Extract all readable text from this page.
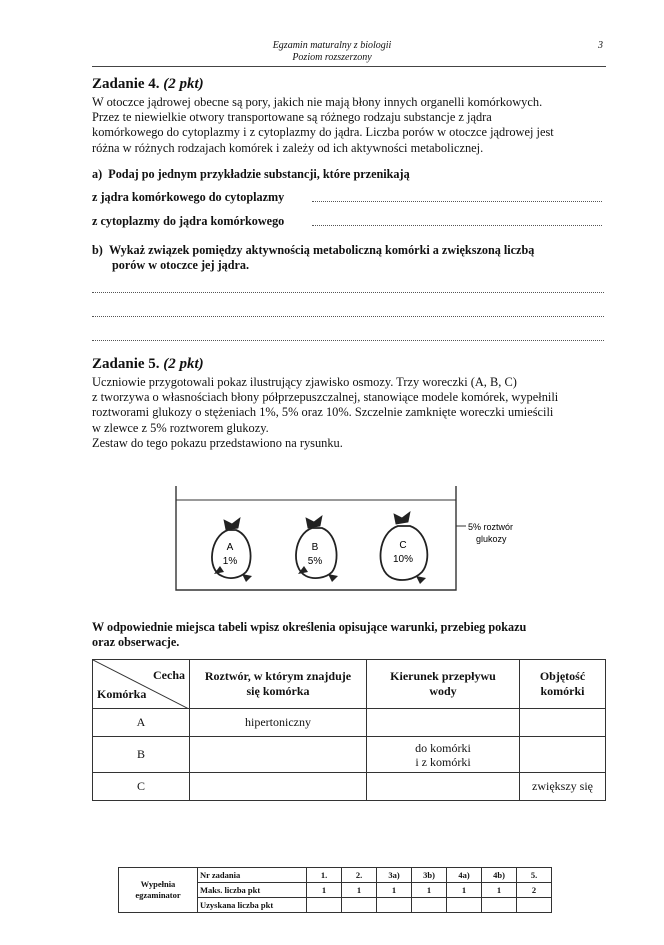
Egzamin maturalny z biologii
Poziom rozszerzony
3
Zadanie 4. (2 pkt)
W otoczce jądrowej obecne są pory, jakich nie mają błony innych organelli komórkowych.
Przez te niewielkie otwory transportowane są różnego rodzaju substancje z jądra
komórkowego do cytoplazmy i z cytoplazmy do jądra. Liczba porów w otoczce jądrowej jest
różna w różnych rodzajach komórek i zależy od ich aktywności metabolicznej.
a) Podaj po jednym przykładzie substancji, które przenikają
z jądra komórkowego do cytoplazmy
z cytoplazmy do jądra komórkowego
b) Wykaż związek pomiędzy aktywnością metaboliczną komórki a zwiększoną liczbą
porów w otoczce jej jądra.
Zadanie 5. (2 pkt)
Uczniowie przygotowali pokaz ilustrujący zjawisko osmozy. Trzy woreczki (A, B, C)
z tworzywa o własnościach błony półprzepuszczalnej, stanowiące modele komórek, wypełnili
roztworami glukozy o stężeniach 1%, 5% oraz 10%. Szczelnie zamknięte woreczki umieścili
w zlewce z 5% roztworem glukozy.
Zestaw do tego pokazu przedstawiono na rysunku.
A
1%
B
5%
C
10%
5% roztwór
glukozy
W odpowiednie miejsca tabeli wpisz określenia opisujące warunki, przebieg pokazu
oraz obserwacje.
Cecha
Komórka	Roztwór, w którym znajduje się komórka	Kierunek przepływu wody	Objętość komórki
A	hipertoniczny		
B		do komórki
i z komórki	
C			zwiększy się
Wypełnia
egzaminator	Nr zadania	1.	2.	3a)	3b)	4a)	4b)	5.
	Maks. liczba pkt	1	1	1	1	1	1	2
	Uzyskana liczba pkt							
